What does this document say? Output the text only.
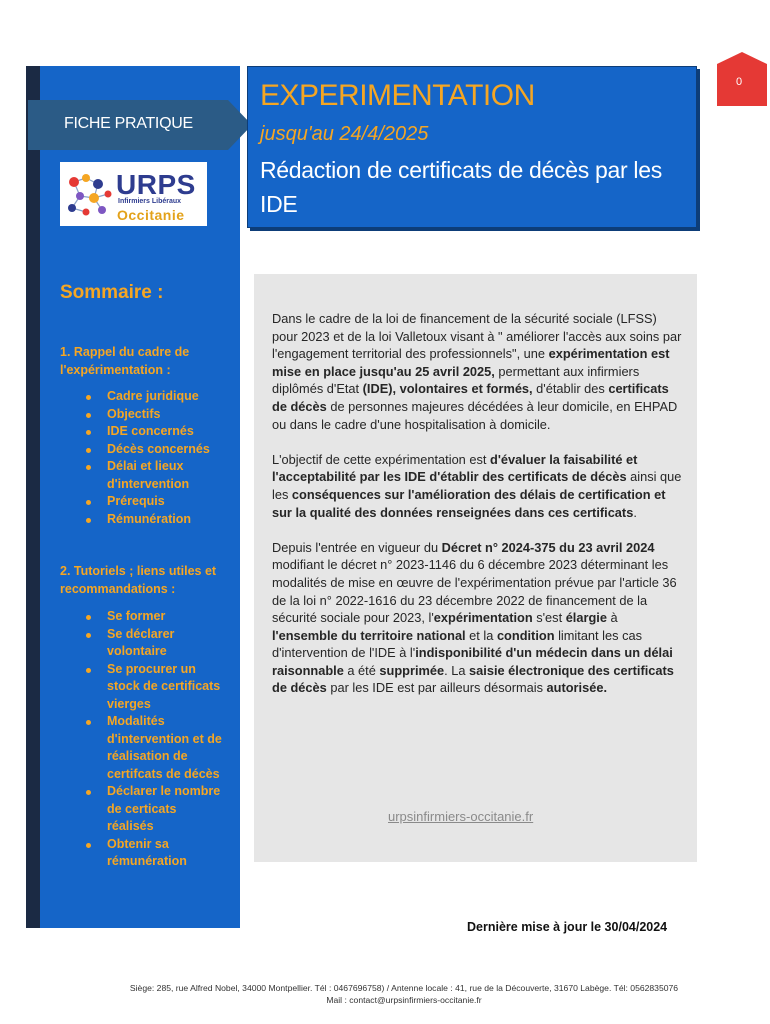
FICHE PRATIQUE
URPS
Infirmiers Libéraux
Occitanie
Sommaire :
1. Rappel du cadre de l'expérimentation :
Cadre juridique
Objectifs
IDE concernés
Décès concernés
Délai et lieux d'intervention
Prérequis
Rémunération
2. Tutoriels ; liens utiles et recommandations :
Se former
Se déclarer volontaire
Se procurer un stock de certificats vierges
Modalités d'intervention et de réalisation de certifcats de décès
Déclarer le nombre de certicats réalisés
Obtenir sa rémunération
EXPERIMENTATION
jusqu'au 24/4/2025
Rédaction de certificats de décès par les IDE
0

Dans le cadre de la loi de financement de la sécurité sociale (LFSS) pour 2023 et de la loi Valletoux visant à " améliorer l'accès aux soins par l'engagement territorial des professionnels", une expérimentation est mise en place jusqu'au 25 avril 2025, permettant aux infirmiers diplômés d'Etat (IDE), volontaires et formés, d'établir des certificats de décès de personnes majeures décédées à leur domicile, en EHPAD ou dans le cadre d'une hospitalisation à domicile.

L'objectif de cette expérimentation est d'évaluer la faisabilité et l'acceptabilité par les IDE d'établir des certificats de décès ainsi que les conséquences sur l'amélioration des délais de certification et sur la qualité des données renseignées dans ces certificats.

Depuis l'entrée en vigueur du Décret n° 2024-375 du 23 avril 2024 modifiant le décret n° 2023-1146 du 6 décembre 2023 déterminant les modalités de mise en œuvre de l'expérimentation prévue par l'article 36 de la loi n° 2022-1616 du 23 décembre 2022 de financement de la sécurité sociale pour 2023, l'expérimentation s'est élargie à l'ensemble du territoire national et la condition limitant les cas d'intervention de l'IDE à l'indisponibilité d'un médecin dans un délai raisonnable a été supprimée. La saisie électronique des certificats de décès par les IDE est par ailleurs désormais autorisée.

urpsinfirmiers-occitanie.fr
Dernière mise à jour le 30/04/2024
Siège: 285, rue Alfred Nobel, 34000 Montpellier. Tél : 0467696758) / Antenne locale : 41, rue de la Découverte, 31670 Labège. Tél: 0562835076
Mail : contact@urpsinfirmiers-occitanie.fr
